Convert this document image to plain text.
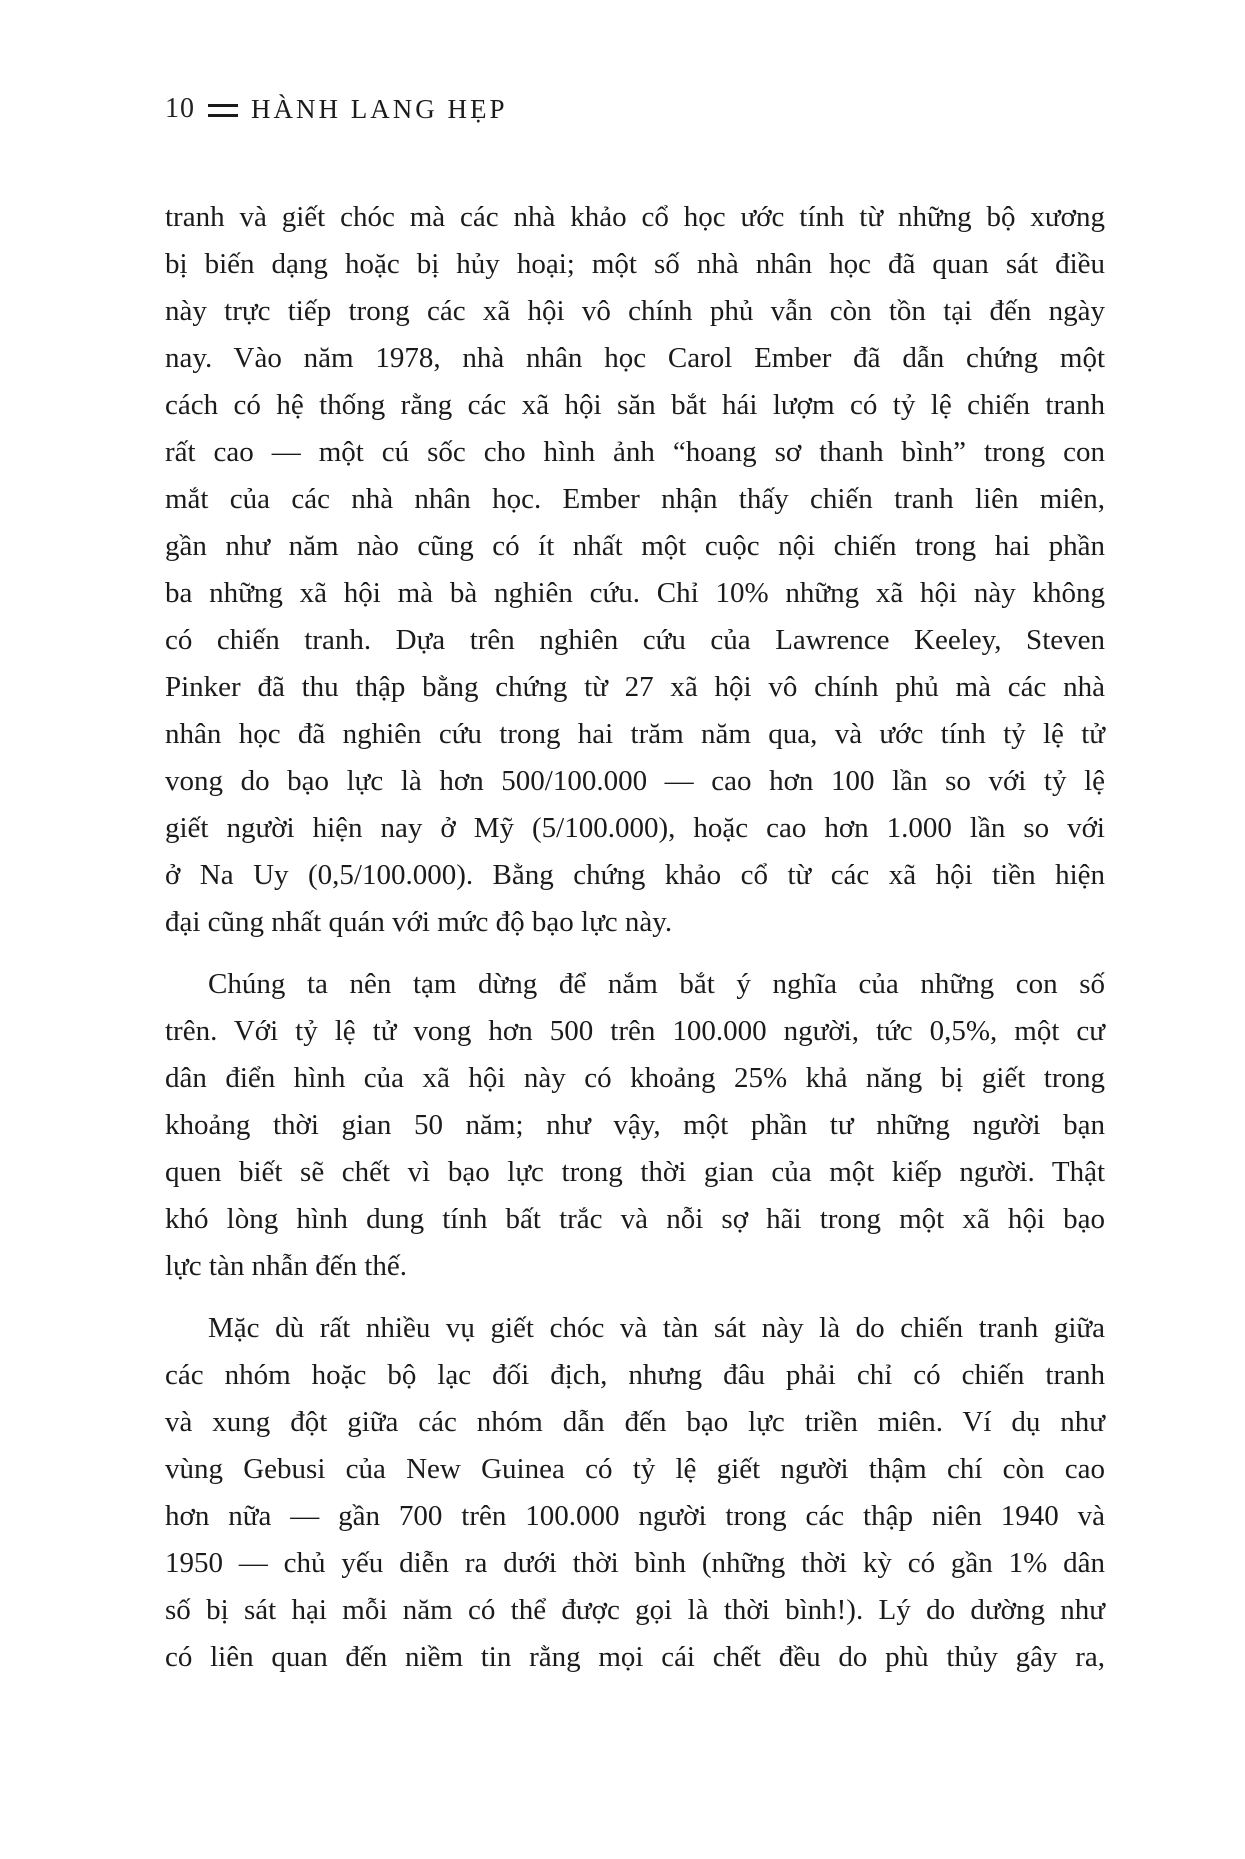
10 HÀNH LANG HẸP
tranh và giết chóc mà các nhà khảo cổ học ước tính từ những bộ xương
bị biến dạng hoặc bị hủy hoại; một số nhà nhân học đã quan sát điều
này trực tiếp trong các xã hội vô chính phủ vẫn còn tồn tại đến ngày
nay. Vào năm 1978, nhà nhân học Carol Ember đã dẫn chứng một
cách có hệ thống rằng các xã hội săn bắt hái lượm có tỷ lệ chiến tranh
rất cao — một cú sốc cho hình ảnh “hoang sơ thanh bình” trong con
mắt của các nhà nhân học. Ember nhận thấy chiến tranh liên miên,
gần như năm nào cũng có ít nhất một cuộc nội chiến trong hai phần
ba những xã hội mà bà nghiên cứu. Chỉ 10% những xã hội này không
có chiến tranh. Dựa trên nghiên cứu của Lawrence Keeley, Steven
Pinker đã thu thập bằng chứng từ 27 xã hội vô chính phủ mà các nhà
nhân học đã nghiên cứu trong hai trăm năm qua, và ước tính tỷ lệ tử
vong do bạo lực là hơn 500/100.000 — cao hơn 100 lần so với tỷ lệ
giết người hiện nay ở Mỹ (5/100.000), hoặc cao hơn 1.000 lần so với
ở Na Uy (0,5/100.000). Bằng chứng khảo cổ từ các xã hội tiền hiện
đại cũng nhất quán với mức độ bạo lực này.
Chúng ta nên tạm dừng để nắm bắt ý nghĩa của những con số
trên. Với tỷ lệ tử vong hơn 500 trên 100.000 người, tức 0,5%, một cư
dân điển hình của xã hội này có khoảng 25% khả năng bị giết trong
khoảng thời gian 50 năm; như vậy, một phần tư những người bạn
quen biết sẽ chết vì bạo lực trong thời gian của một kiếp người. Thật
khó lòng hình dung tính bất trắc và nỗi sợ hãi trong một xã hội bạo
lực tàn nhẫn đến thế.
Mặc dù rất nhiều vụ giết chóc và tàn sát này là do chiến tranh giữa
các nhóm hoặc bộ lạc đối địch, nhưng đâu phải chỉ có chiến tranh
và xung đột giữa các nhóm dẫn đến bạo lực triền miên. Ví dụ như
vùng Gebusi của New Guinea có tỷ lệ giết người thậm chí còn cao
hơn nữa — gần 700 trên 100.000 người trong các thập niên 1940 và
1950 — chủ yếu diễn ra dưới thời bình (những thời kỳ có gần 1% dân
số bị sát hại mỗi năm có thể được gọi là thời bình!). Lý do dường như
có liên quan đến niềm tin rằng mọi cái chết đều do phù thủy gây ra,
